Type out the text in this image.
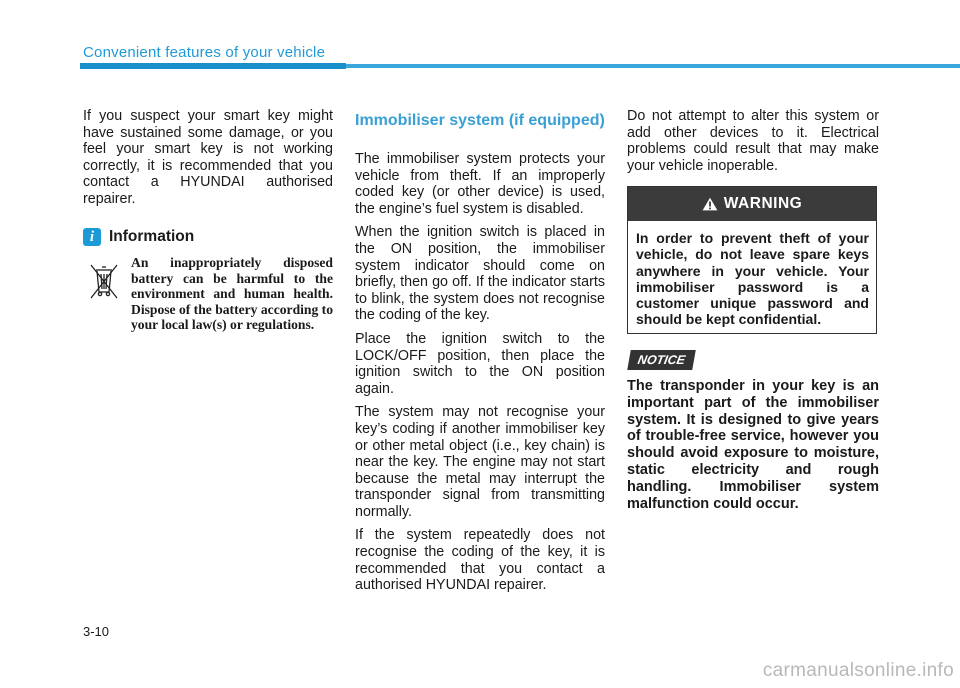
Convenient features of your vehicle

If you suspect your smart key might have sustained some damage, or you feel your smart key is not working correctly, it is recommended that you contact a HYUNDAI authorised repairer.

i Information

An inappropriately disposed battery can be harmful to the environment and human health. Dispose of the battery according to your local law(s) or regulations.

Immobiliser system (if equipped)

The immobiliser system protects your vehicle from theft. If an improperly coded key (or other device) is used, the engine’s fuel system is disabled.

When the ignition switch is placed in the ON position, the immobiliser system indicator should come on briefly, then go off. If the indicator starts to blink, the system does not recognise the coding of the key.

Place the ignition switch to the LOCK/OFF position, then place the ignition switch to the ON position again.

The system may not recognise your key’s coding if another immobiliser key or other metal object (i.e., key chain) is near the key. The engine may not start because the metal may interrupt the transponder signal from transmitting normally.

If the system repeatedly does not recognise the coding of the key, it is recommended that you contact a authorised HYUNDAI repairer.

Do not attempt to alter this system or add other devices to it. Electrical problems could result that may make your vehicle inoperable.

WARNING

In order to prevent theft of your vehicle, do not leave spare keys anywhere in your vehicle. Your immobiliser password is a customer unique password and should be kept confidential.

NOTICE

The transponder in your key is an important part of the immobiliser system. It is designed to give years of trouble-free service, however you should avoid exposure to moisture, static electricity and rough handling. Immobiliser system malfunction could occur.

3-10
carmanualsonline.info
